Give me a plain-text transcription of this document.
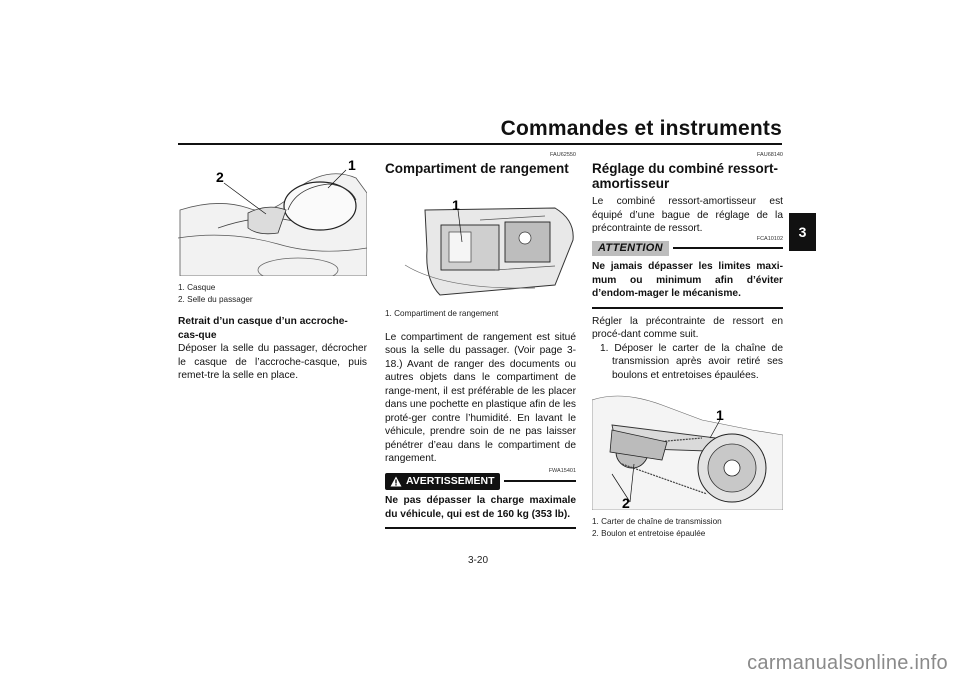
Commandes et instruments
3
2
1
1. Casque
2. Selle du passager
Retrait d’un casque d’un accroche-cas-que

Déposer la selle du passager, décrocher le casque de l’accroche-casque, puis remet-tre la selle en place.

FAU62550
Compartiment de rangement
1
1. Compartiment de rangement

Le compartiment de rangement est situé sous la selle du passager. (Voir page 3-18.) Avant de ranger des documents ou autres objets dans le compartiment de range-ment, il est préférable de les placer dans une pochette en plastique afin de les proté-ger contre l’humidité. En lavant le véhicule, prendre soin de ne pas laisser pénétrer d’eau dans le compartiment de rangement.

FWA15401
AVERTISSEMENT
Ne pas dépasser la charge maximale du véhicule, qui est de 160 kg (353 lb).
FAU68140
Réglage du combiné ressort-amortisseur

Le combiné ressort-amortisseur est équipé d’une bague de réglage de la précontrainte de ressort.

FCA10102
ATTENTION
Ne jamais dépasser les limites maxi-mum ou minimum afin d’éviter d’endom-mager le mécanisme.

Régler la précontrainte de ressort en procé-dant comme suit.

1. Déposer le carter de la chaîne de transmission après avoir retiré ses boulons et entretoises épaulées.
1
2
1. Carter de chaîne de transmission
2. Boulon et entretoise épaulée
3-20
carmanualsonline.info
